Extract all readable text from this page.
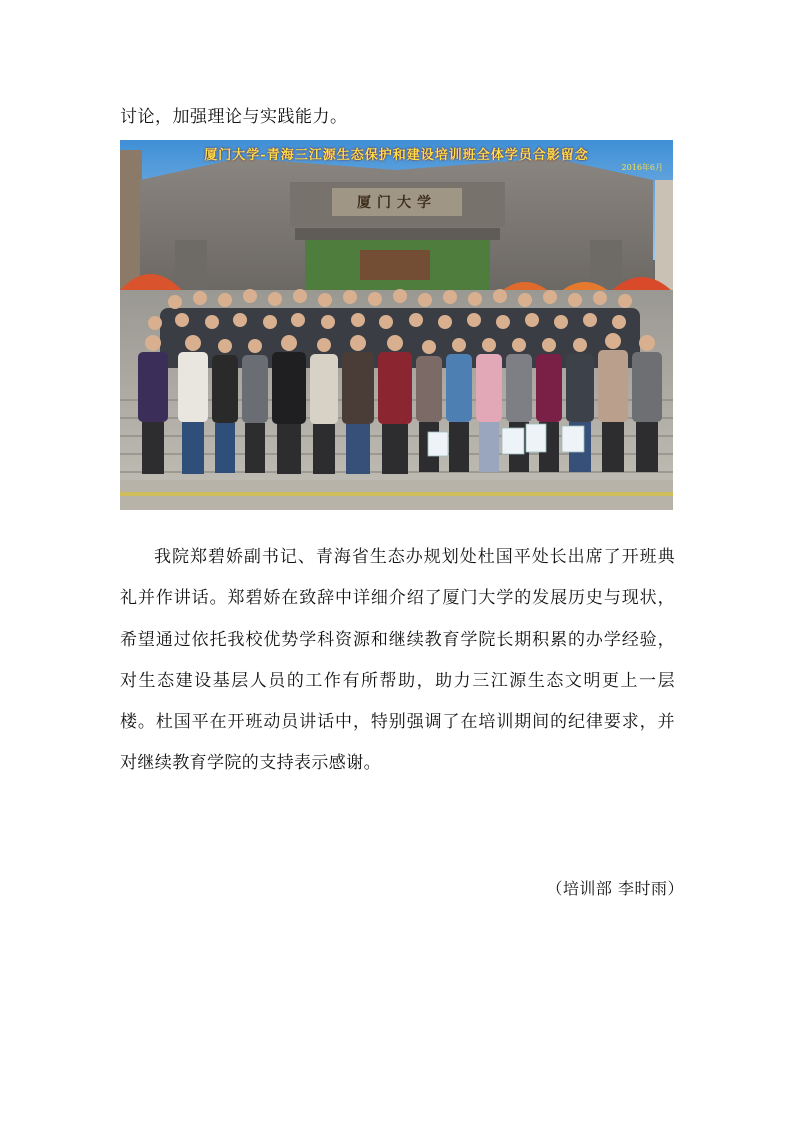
讨论，加强理论与实践能力。
厦门大学-青海三江源生态保护和建设培训班全体学员合影留念
2016年6月
厦门大学
我院郑碧娇副书记、青海省生态办规划处杜国平处长出席了开班典礼并作讲话。郑碧娇在致辞中详细介绍了厦门大学的发展历史与现状，希望通过依托我校优势学科资源和继续教育学院长期积累的办学经验，对生态建设基层人员的工作有所帮助，助力三江源生态文明更上一层楼。杜国平在开班动员讲话中，特别强调了在培训期间的纪律要求，并对继续教育学院的支持表示感谢。
（培训部 李时雨）
